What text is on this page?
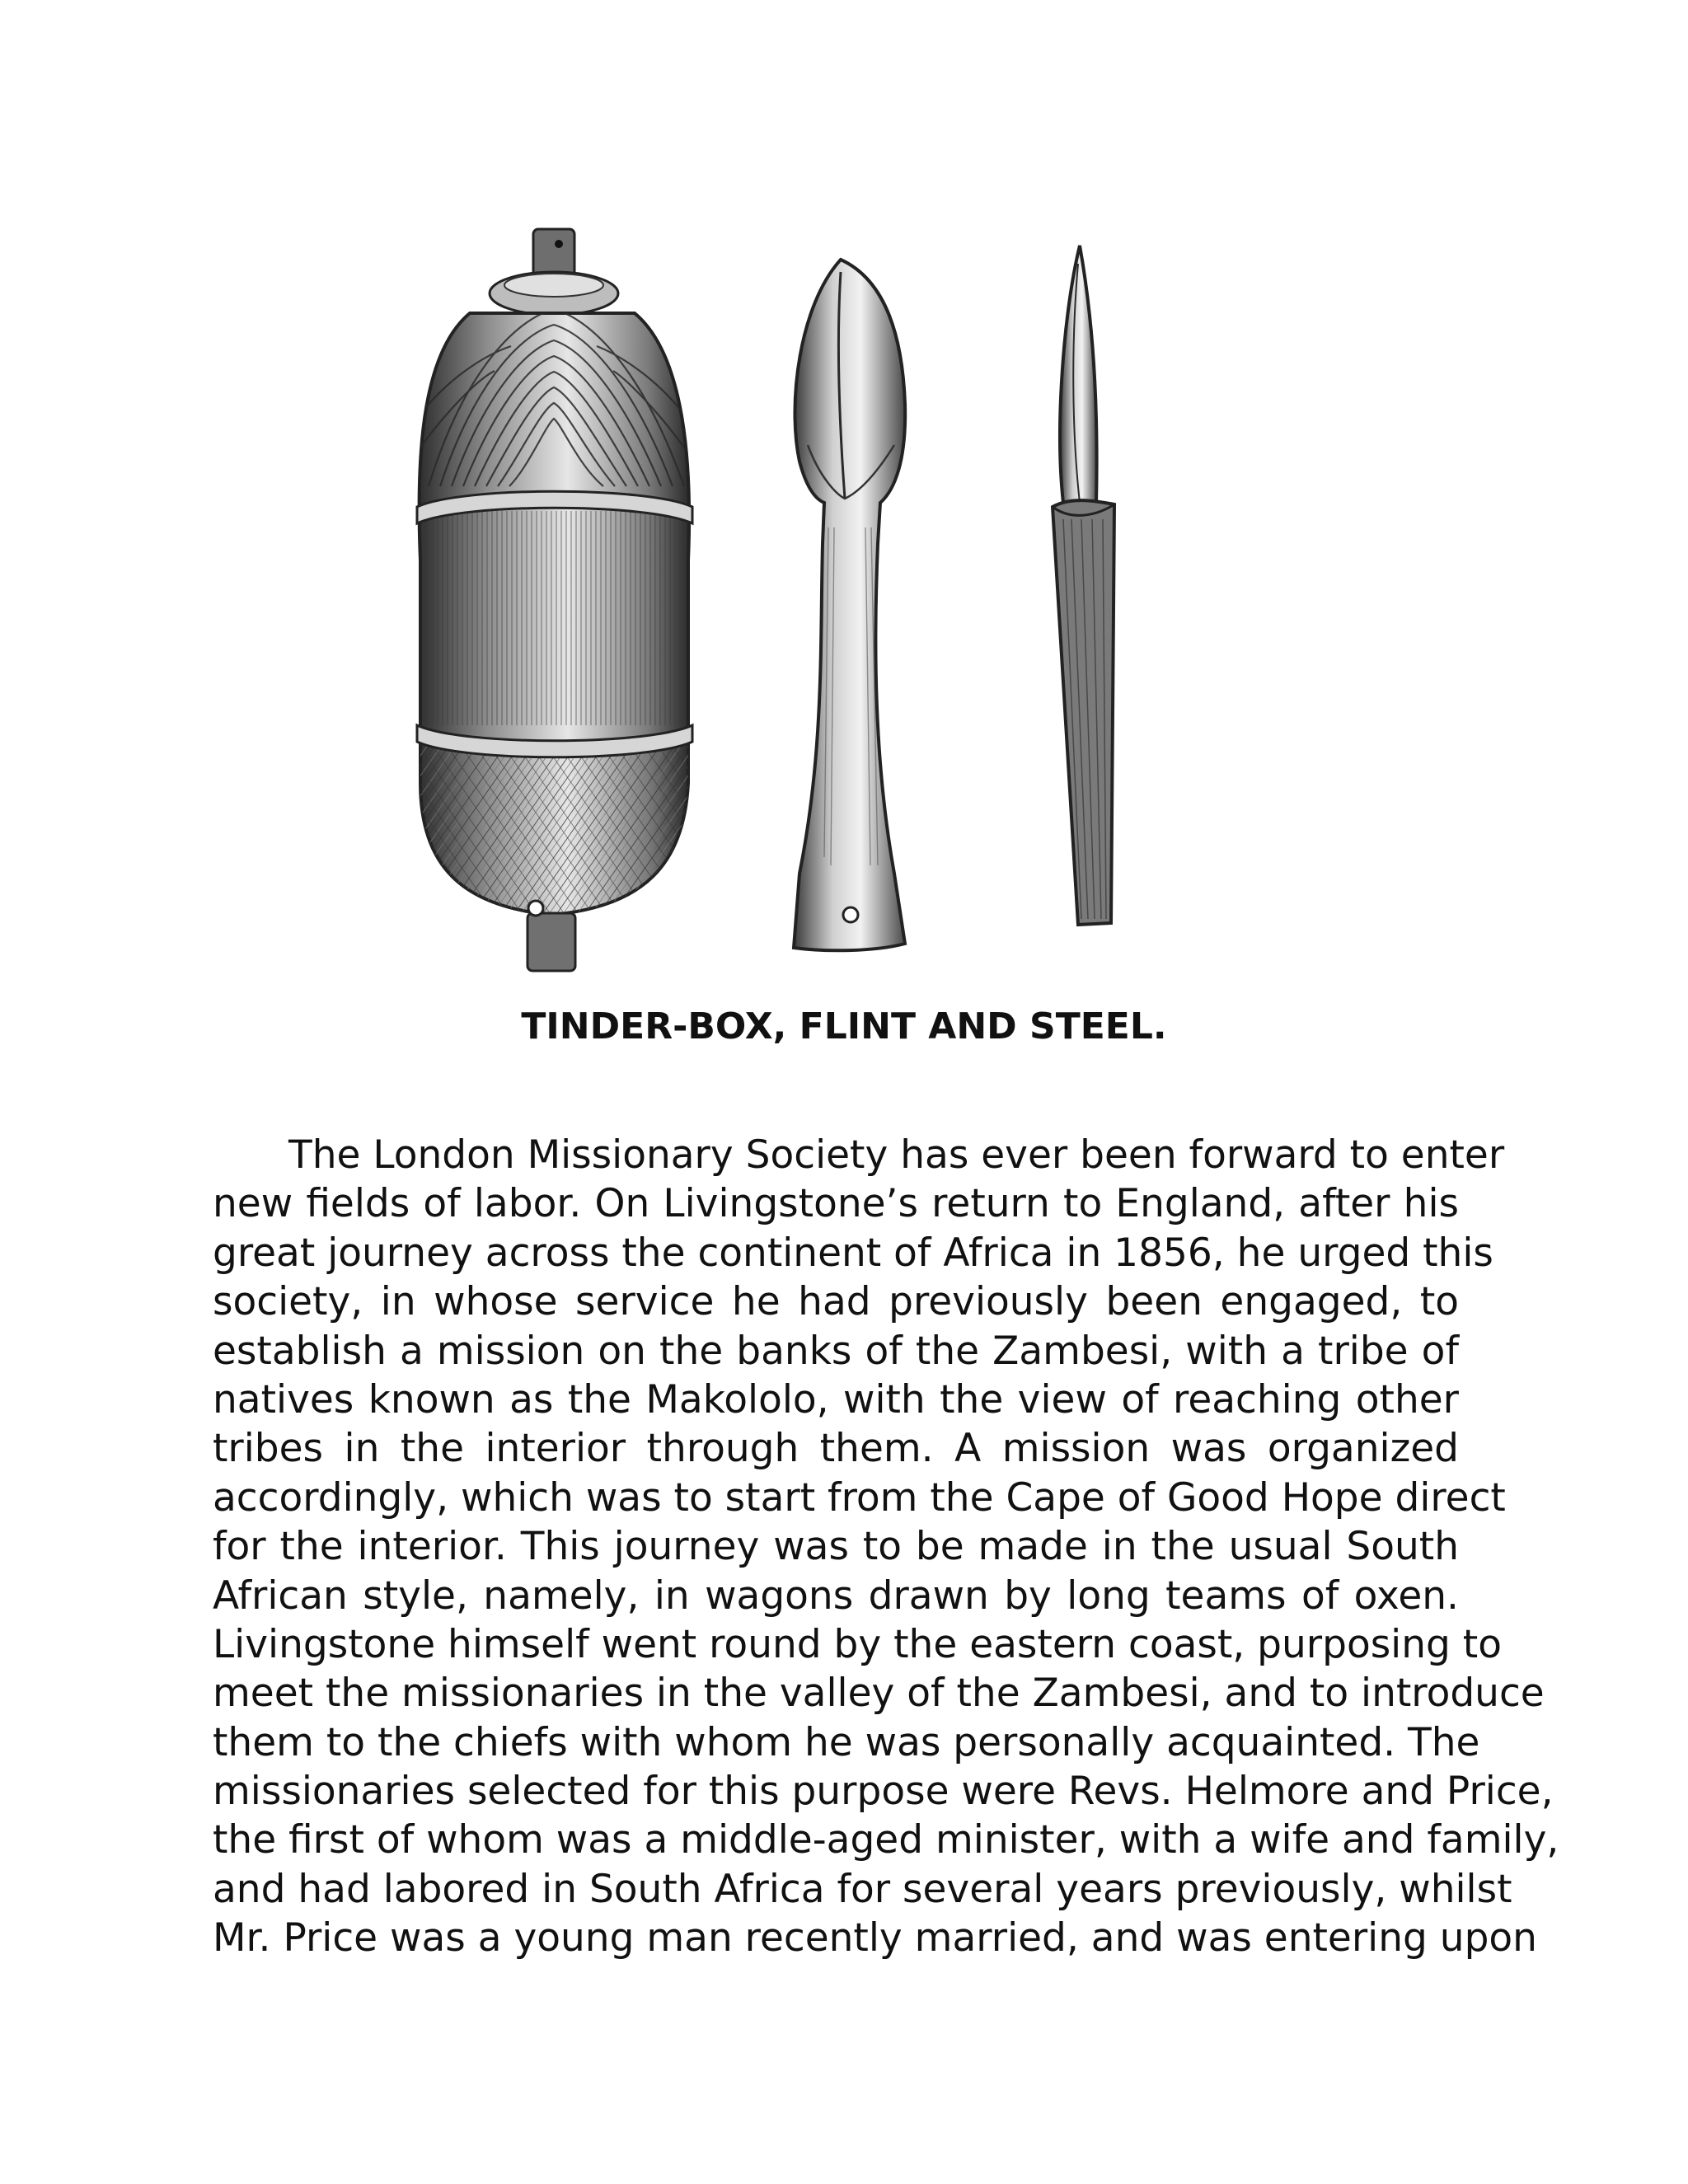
TINDER-BOX, FLINT AND STEEL.
The London Missionary Society has ever been forward to enter
new fields of labor. On Livingstone’s return to England, after his
great journey across the continent of Africa in 1856, he urged this
society, in whose service he had previously been engaged, to
establish a mission on the banks of the Zambesi, with a tribe of
natives known as the Makololo, with the view of reaching other
tribes in the interior through them. A mission was organized
accordingly, which was to start from the Cape of Good Hope direct
for the interior. This journey was to be made in the usual South
African style, namely, in wagons drawn by long teams of oxen.
Livingstone himself went round by the eastern coast, purposing to
meet the missionaries in the valley of the Zambesi, and to introduce
them to the chiefs with whom he was personally acquainted. The
missionaries selected for this purpose were Revs. Helmore and Price,
the first of whom was a middle-aged minister, with a wife and family,
and had labored in South Africa for several years previously, whilst
Mr. Price was a young man recently married, and was entering upon
